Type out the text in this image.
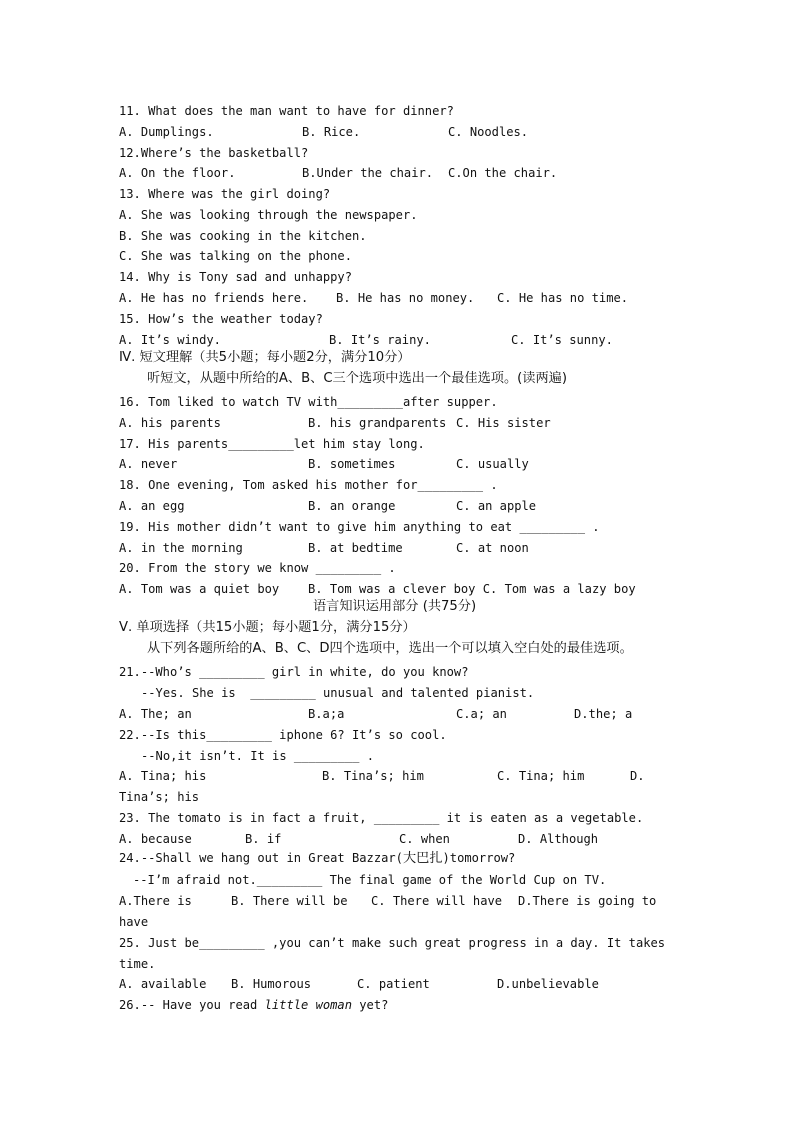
11. What does the man want to have for dinner?
A. Dumplings.	B. Rice.	C. Noodles.
12.Where’s the basketball?
A. On the floor.	B.Under the chair. C.On the chair.
13. Where was the girl doing?
A. She was looking through the newspaper.
B. She was cooking in the kitchen.
C. She was talking on the phone.
14. Why is Tony sad and unhappy?
A. He has no friends here. B. He has no money. C. He has no time.
15. How’s the weather today?
A. It’s windy.	B. It’s rainy.	C. It’s sunny.
Ⅳ. 短文理解（共5小题；每小题2分，满分10分）
听短文，从题中所给的A、B、C三个选项中选出一个最佳选项。(读两遍)
16. Tom liked to watch TV with_________after supper.
A. his parents	B. his grandparents C. His sister
17. His parents_________let him stay long.
A. never	B. sometimes	C. usually
18. One evening, Tom asked his mother for_________ .
A. an egg	B. an orange	C. an apple
19. His mother didn’t want to give him anything to eat _________ .
A. in the morning	B. at bedtime	C. at noon
20. From the story we know _________ .
A. Tom was a quiet boy B. Tom was a clever boy C. Tom was a lazy boy
语言知识运用部分 (共75分)
Ⅴ. 单项选择（共15小题；每小题1分，满分15分）
从下列各题所给的A、B、C、D四个选项中，选出一个可以填入空白处的最佳选项。
21.--Who’s _________ girl in white, do you know?
--Yes. She is  _________ unusual and talented pianist.
A. The; an	B.a;a	C.a; an	D.the; a
22.--Is this_________ iphone 6? It’s so cool.
--No,it isn’t. It is _________ .
A. Tina; his	B. Tina’s; him	C. Tina; him	D.
Tina’s; his
23. The tomato is in fact a fruit, _________ it is eaten as a vegetable.
A. because	B. if	C. when	D. Although
24.--Shall we hang out in Great Bazzar(大巴扎)tomorrow?
--I’m afraid not._________ The final game of the World Cup on TV.
A.There is	B. There will be C. There will have D.There is going to
have
25. Just be_________ ,you can’t make such great progress in a day. It takes
time.
A. available B. Humorous	C. patient	D.unbelievable
26.-- Have you read little woman yet?
